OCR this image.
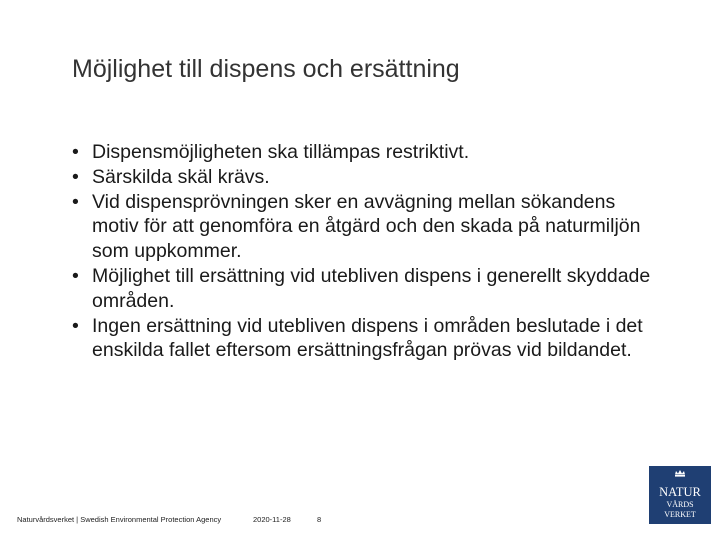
Möjlighet till dispens och ersättning
• Dispensmöjligheten ska tillämpas restriktivt.
• Särskilda skäl krävs.
• Vid dispensprövningen sker en avvägning mellan sökandens motiv för att genomföra en åtgärd och den skada på naturmiljön som uppkommer.
• Möjlighet till ersättning vid utebliven dispens i generellt skyddade områden.
• Ingen ersättning vid utebliven dispens i områden beslutade i det enskilda fallet eftersom ersättningsfrågan prövas vid bildandet.
Naturvårdsverket | Swedish Environmental Protection Agency	2020-11-28	8
NATUR
VÅRDS
VERKET
